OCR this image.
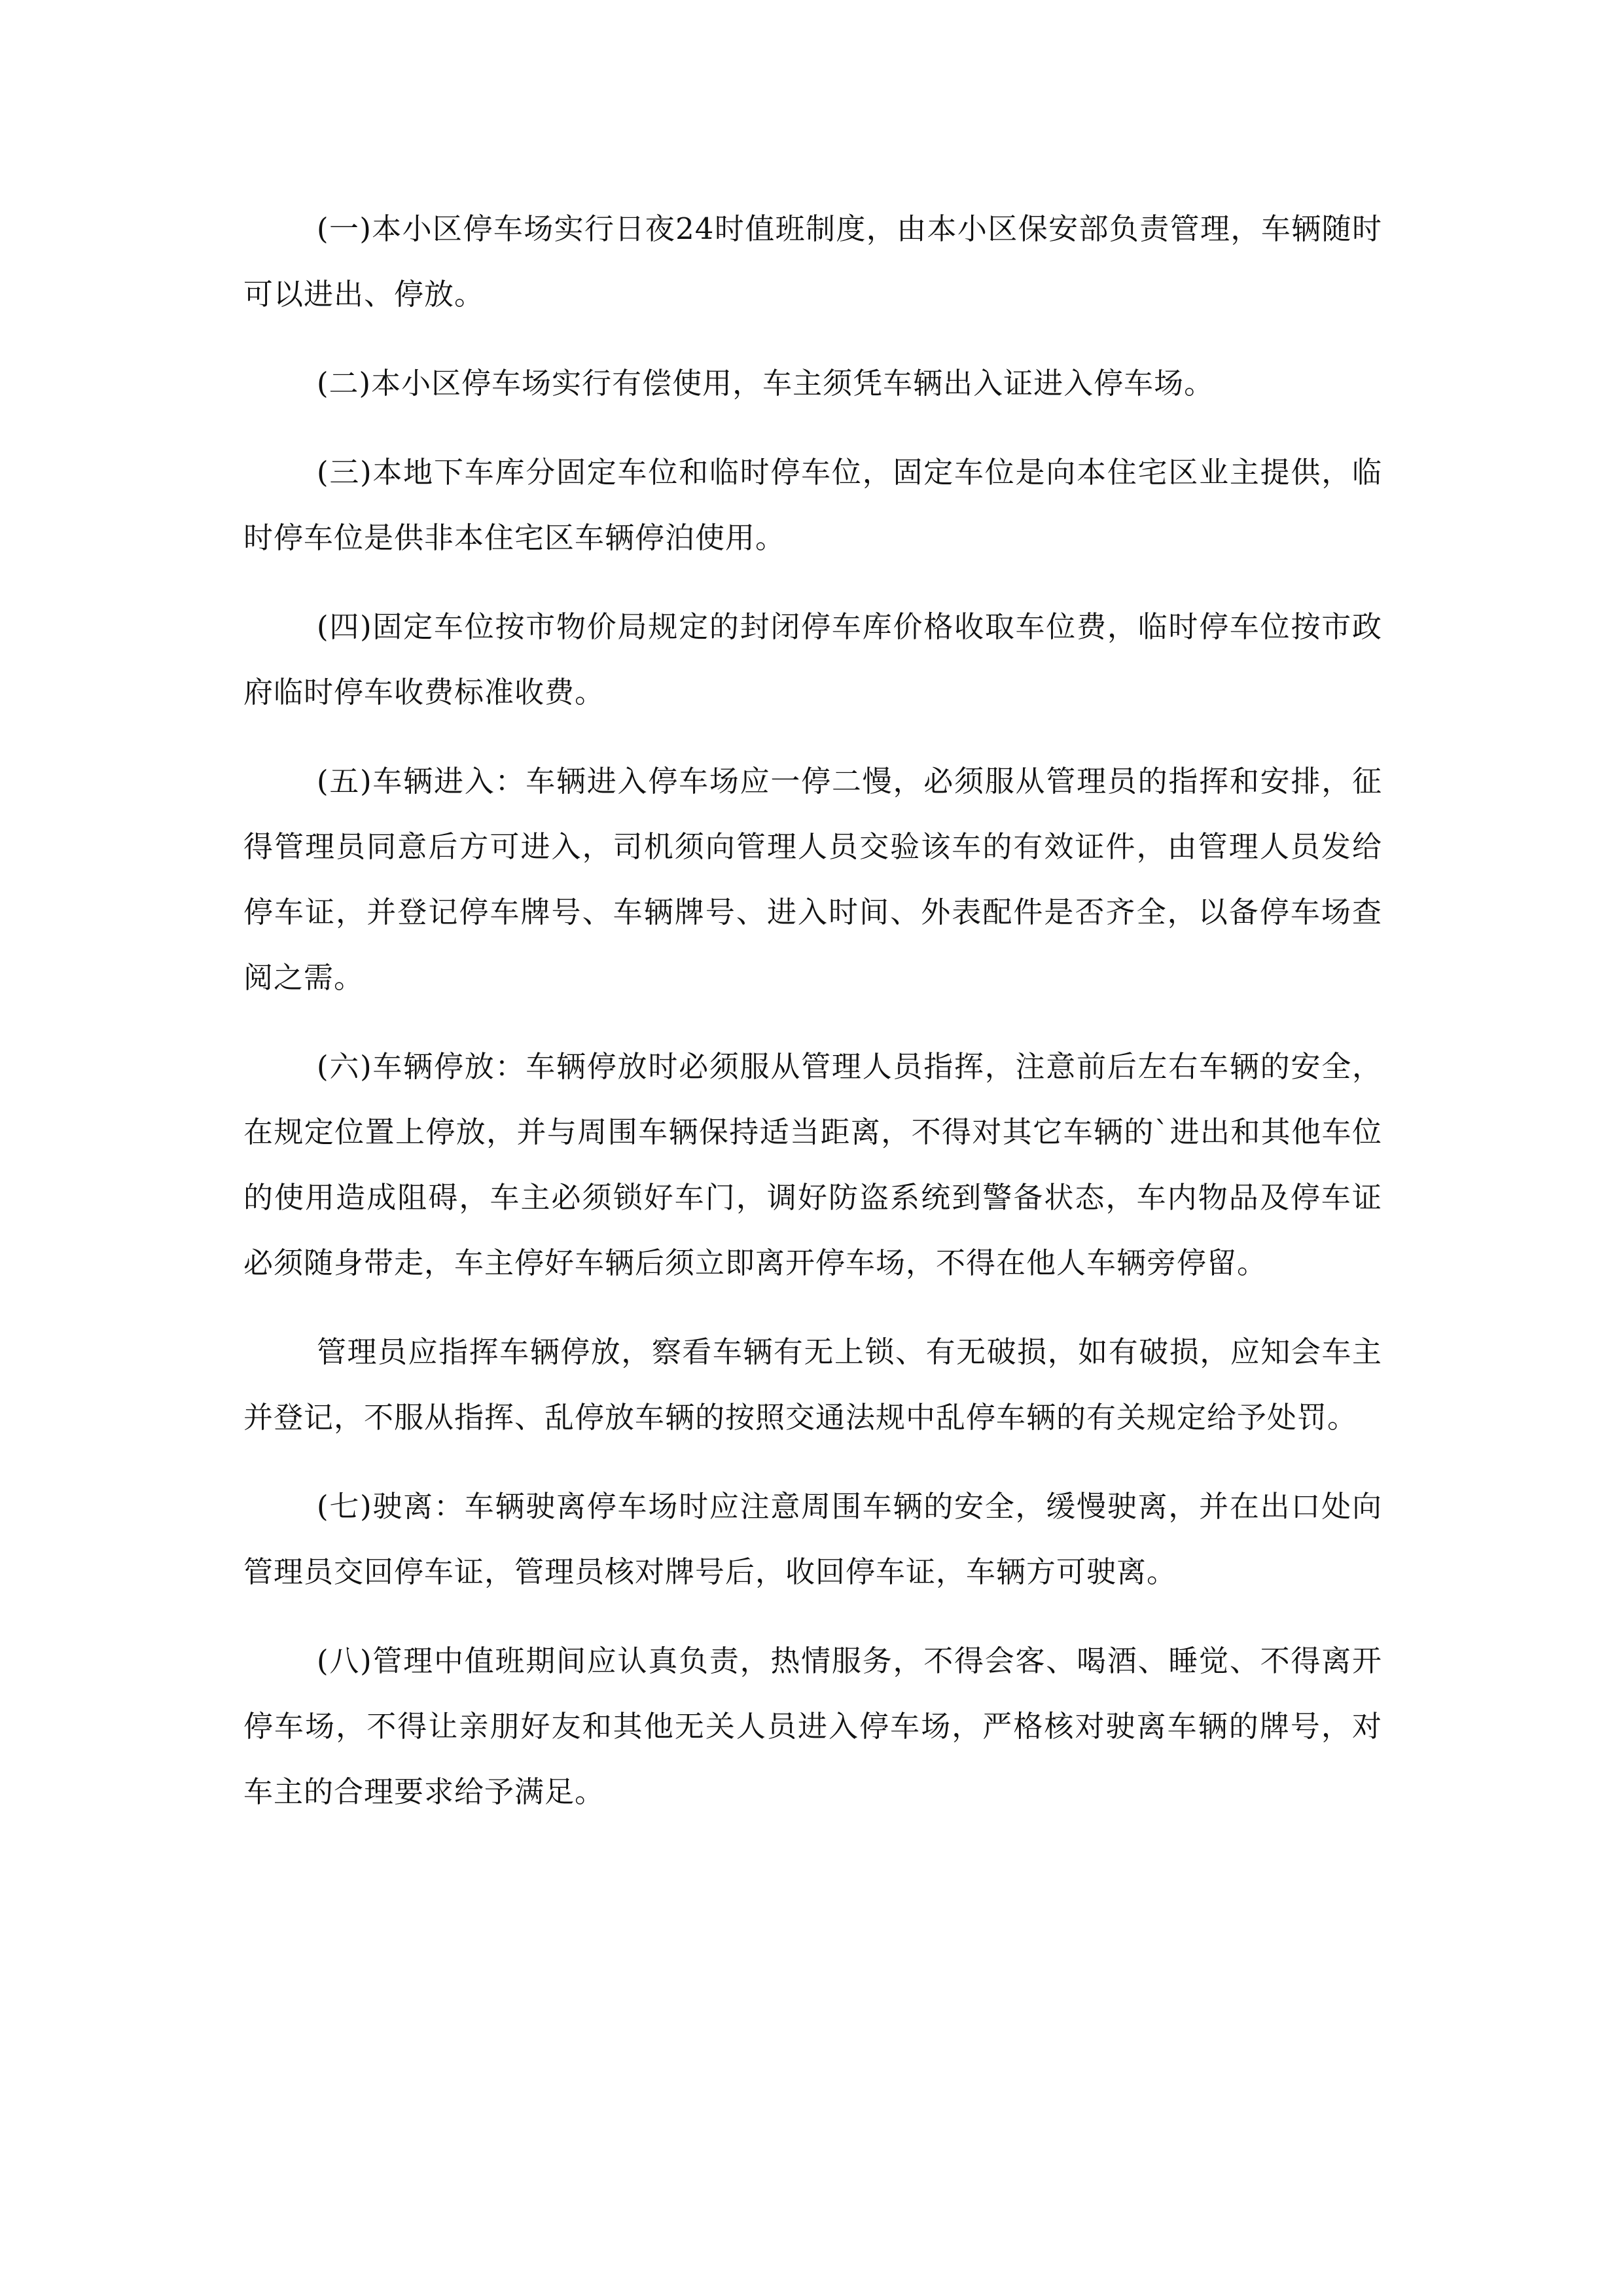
(一)本小区停车场实行日夜24时值班制度，由本小区保安部负责管理，车辆随时可以进出、停放。

(二)本小区停车场实行有偿使用，车主须凭车辆出入证进入停车场。

(三)本地下车库分固定车位和临时停车位，固定车位是向本住宅区业主提供，临时停车位是供非本住宅区车辆停泊使用。

(四)固定车位按市物价局规定的封闭停车库价格收取车位费，临时停车位按市政府临时停车收费标准收费。

(五)车辆进入：车辆进入停车场应一停二慢，必须服从管理员的指挥和安排，征得管理员同意后方可进入，司机须向管理人员交验该车的有效证件，由管理人员发给停车证，并登记停车牌号、车辆牌号、进入时间、外表配件是否齐全，以备停车场查阅之需。

(六)车辆停放：车辆停放时必须服从管理人员指挥，注意前后左右车辆的安全，在规定位置上停放，并与周围车辆保持适当距离，不得对其它车辆的`进出和其他车位的使用造成阻碍，车主必须锁好车门，调好防盗系统到警备状态，车内物品及停车证必须随身带走，车主停好车辆后须立即离开停车场，不得在他人车辆旁停留。

管理员应指挥车辆停放，察看车辆有无上锁、有无破损，如有破损，应知会车主并登记，不服从指挥、乱停放车辆的按照交通法规中乱停车辆的有关规定给予处罚。

(七)驶离：车辆驶离停车场时应注意周围车辆的安全，缓慢驶离，并在出口处向管理员交回停车证，管理员核对牌号后，收回停车证，车辆方可驶离。

(八)管理中值班期间应认真负责，热情服务，不得会客、喝酒、睡觉、不得离开停车场，不得让亲朋好友和其他无关人员进入停车场，严格核对驶离车辆的牌号，对车主的合理要求给予满足。
